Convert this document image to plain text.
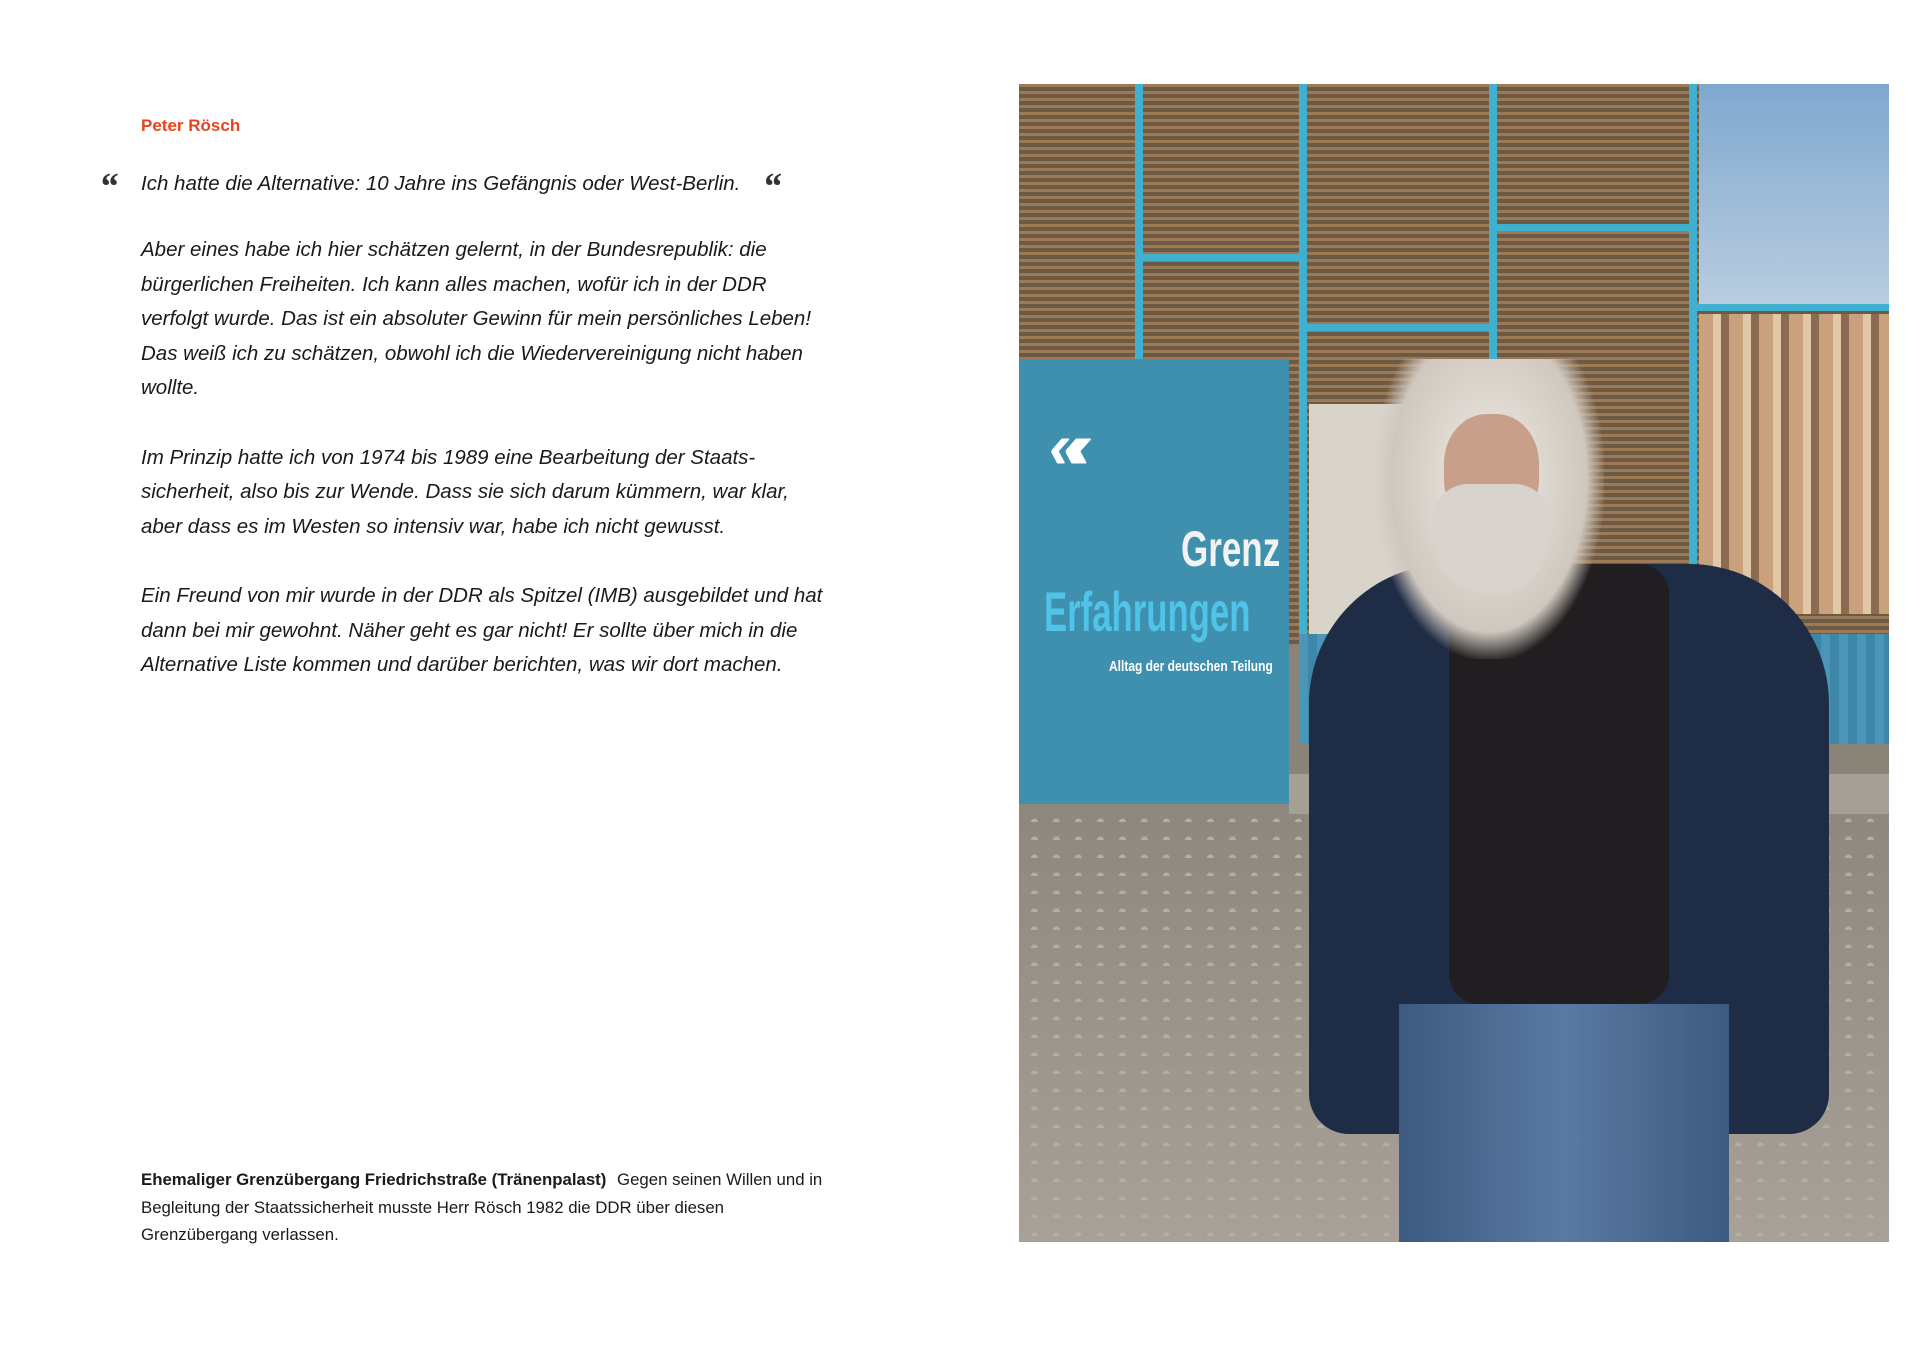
Peter Rösch
“	Ich hatte die Alternative: 10 Jahre ins Gefängnis oder West-Berlin. “

Aber eines habe ich hier schätzen gelernt, in der Bundesrepublik: die bürgerlichen Freiheiten. Ich kann alles machen, wofür ich in der DDR verfolgt wurde. Das ist ein absoluter Gewinn für mein persönliches Leben! Das weiß ich zu schätzen, obwohl ich die Wiedervereinigung nicht haben wollte.

Im Prinzip hatte ich von 1974 bis 1989 eine Bearbeitung der Staats-sicherheit, also bis zur Wende. Dass sie sich darum kümmern, war klar, aber dass es im Westen so intensiv war, habe ich nicht gewusst.

Ein Freund von mir wurde in der DDR als Spitzel (IMB) ausgebildet und hat dann bei mir gewohnt. Näher geht es gar nicht! Er sollte über mich in die Alternative Liste kommen und darüber berichten, was wir dort machen.

Ehemaliger Grenzübergang Friedrichstraße (Tränenpalast) Gegen seinen Willen und in Begleitung der Staatssicherheit musste Herr Rösch 1982 die DDR über diesen Grenzübergang verlassen.
«‹
Grenz
Erfahrungen
Alltag der deutschen Teilung
